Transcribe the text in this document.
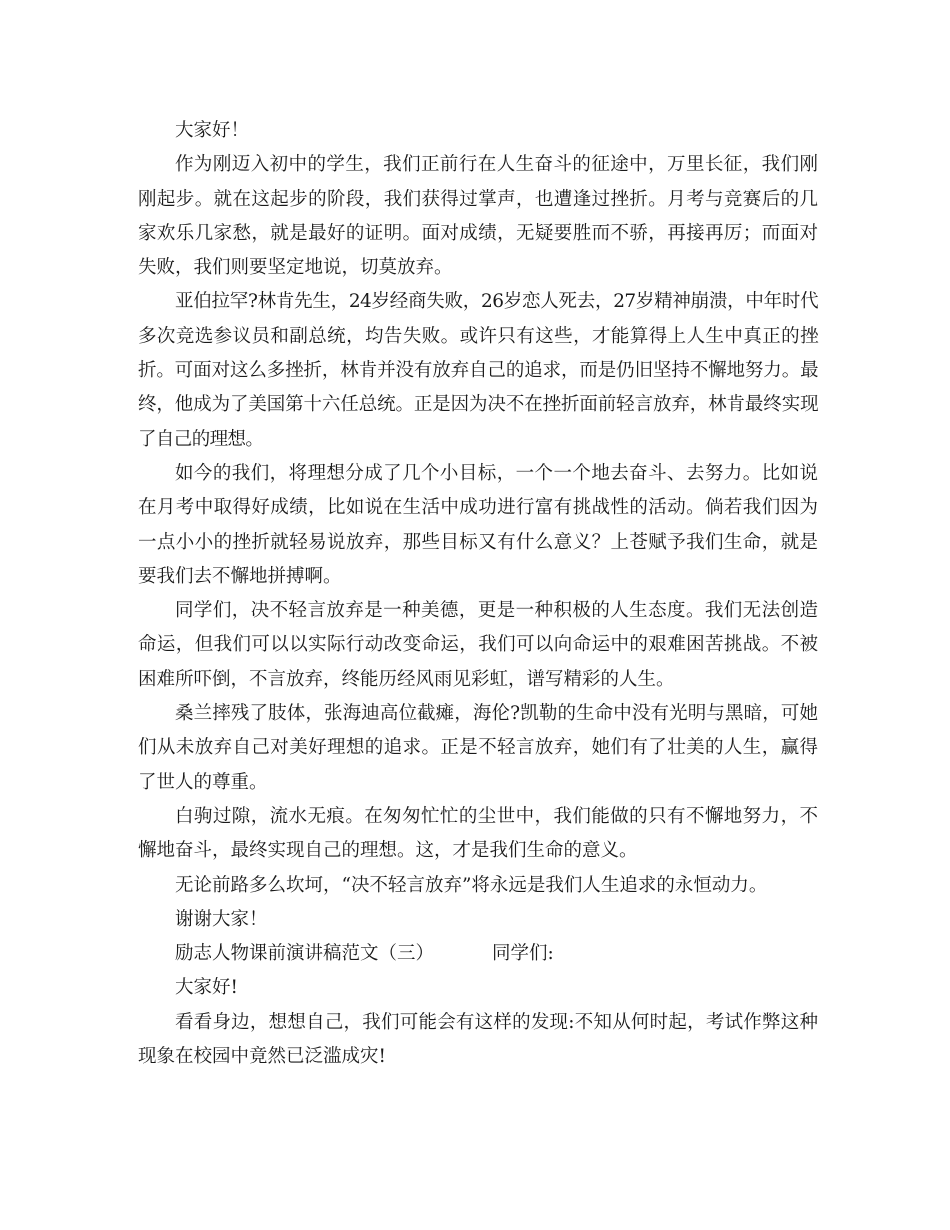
大家好！

作为刚迈入初中的学生，我们正前行在人生奋斗的征途中，万里长征，我们刚刚起步。就在这起步的阶段，我们获得过掌声，也遭逢过挫折。月考与竞赛后的几家欢乐几家愁，就是最好的证明。面对成绩，无疑要胜而不骄，再接再厉；而面对失败，我们则要坚定地说，切莫放弃。

亚伯拉罕?林肯先生，24岁经商失败，26岁恋人死去，27岁精神崩溃，中年时代多次竞选参议员和副总统，均告失败。或许只有这些，才能算得上人生中真正的挫折。可面对这么多挫折，林肯并没有放弃自己的追求，而是仍旧坚持不懈地努力。最终，他成为了美国第十六任总统。正是因为决不在挫折面前轻言放弃，林肯最终实现了自己的理想。

如今的我们，将理想分成了几个小目标，一个一个地去奋斗、去努力。比如说在月考中取得好成绩，比如说在生活中成功进行富有挑战性的活动。倘若我们因为一点小小的挫折就轻易说放弃，那些目标又有什么意义？上苍赋予我们生命，就是要我们去不懈地拼搏啊。

同学们，决不轻言放弃是一种美德，更是一种积极的人生态度。我们无法创造命运，但我们可以以实际行动改变命运，我们可以向命运中的艰难困苦挑战。不被困难所吓倒，不言放弃，终能历经风雨见彩虹，谱写精彩的人生。

桑兰摔残了肢体，张海迪高位截瘫，海伦?凯勒的生命中没有光明与黑暗，可她们从未放弃自己对美好理想的追求。正是不轻言放弃，她们有了壮美的人生，赢得了世人的尊重。

白驹过隙，流水无痕。在匆匆忙忙的尘世中，我们能做的只有不懈地努力，不懈地奋斗，最终实现自己的理想。这，才是我们生命的意义。

无论前路多么坎坷，“决不轻言放弃”将永远是我们人生追求的永恒动力。

谢谢大家！

励志人物课前演讲稿范文（三）	同学们:

大家好!

看看身边，想想自己，我们可能会有这样的发现:不知从何时起，考试作弊这种现象在校园中竟然已泛滥成灾!
